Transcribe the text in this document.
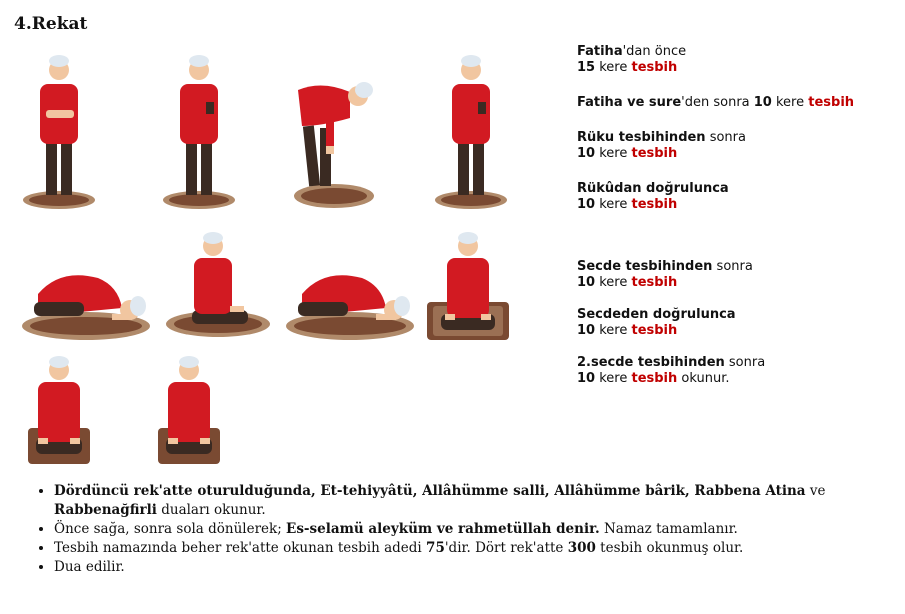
4.Rekat
Fatiha'dan önce
15 kere tesbih
Fatiha ve sure'den sonra 10 kere tesbih
Rüku tesbihinden sonra
10 kere tesbih
Rükûdan doğrulunca
10 kere tesbih
Secde tesbihinden sonra
10 kere tesbih
Secdeden doğrulunca
10 kere tesbih
2.secde tesbihinden sonra
10 kere tesbih okunur.
• Dördüncü rek'atte oturulduğunda, Et-tehiyyâtü, Allâhümme salli, Allâhümme bârik, Rabbena Atina ve Rabbenağfirli duaları okunur.
• Önce sağa, sonra sola dönülerek; Es-selamü aleyküm ve rahmetüllah denir. Namaz tamamlanır.
• Tesbih namazında beher rek'atte okunan tesbih adedi 75'dir. Dört rek'atte 300 tesbih okunmuş olur.
• Dua edilir.
